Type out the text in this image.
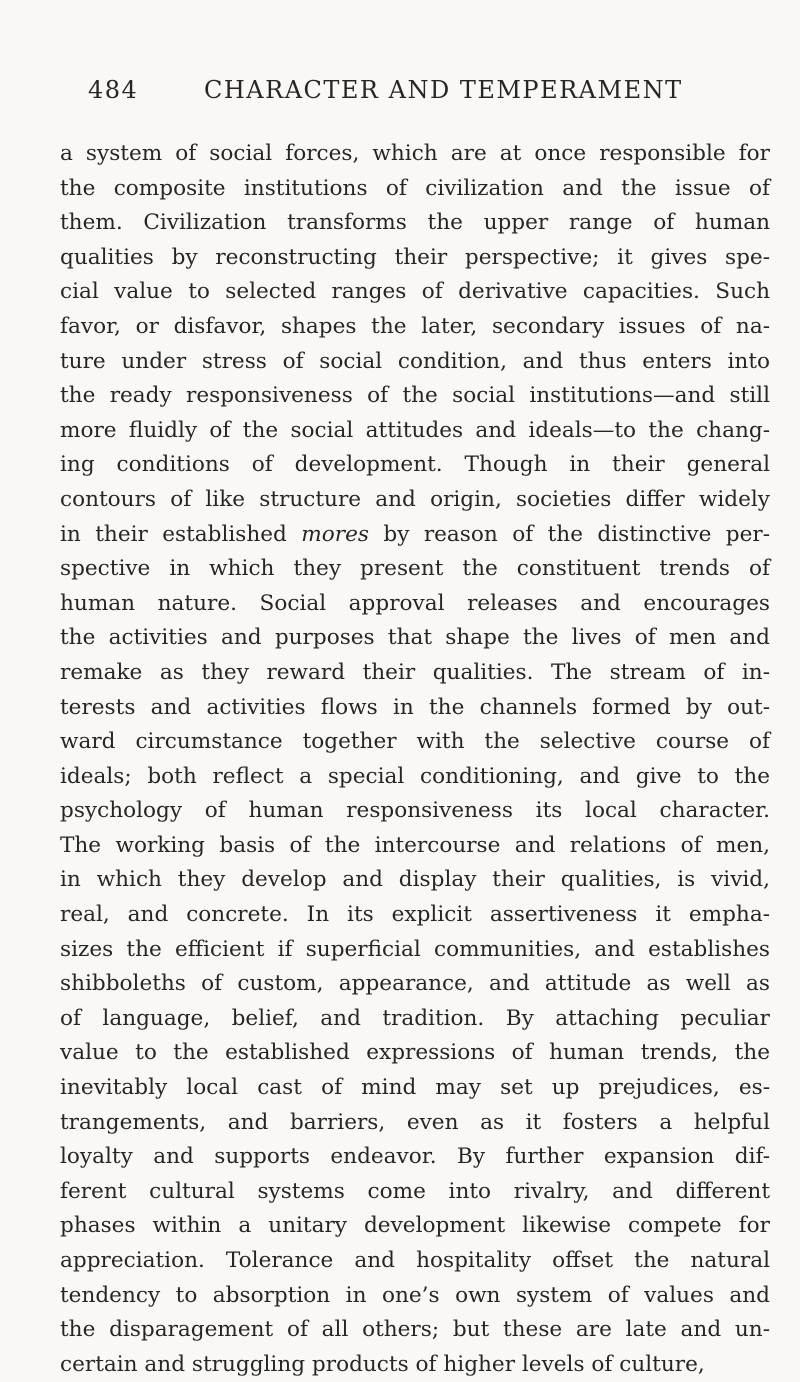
484	CHARACTER AND TEMPERAMENT

a system of social forces, which are at once responsible for
the composite institutions of civilization and the issue of
them. Civilization transforms the upper range of human
qualities by reconstructing their perspective; it gives spe-
cial value to selected ranges of derivative capacities. Such
favor, or disfavor, shapes the later, secondary issues of na-
ture under stress of social condition, and thus enters into
the ready responsiveness of the social institutions—and still
more fluidly of the social attitudes and ideals—to the chang-
ing conditions of development. Though in their general
contours of like structure and origin, societies differ widely
in their established mores by reason of the distinctive per-
spective in which they present the constituent trends of
human nature. Social approval releases and encourages
the activities and purposes that shape the lives of men and
remake as they reward their qualities. The stream of in-
terests and activities flows in the channels formed by out-
ward circumstance together with the selective course of
ideals; both reflect a special conditioning, and give to the
psychology of human responsiveness its local character.
The working basis of the intercourse and relations of men,
in which they develop and display their qualities, is vivid,
real, and concrete. In its explicit assertiveness it empha-
sizes the efficient if superficial communities, and establishes
shibboleths of custom, appearance, and attitude as well as
of language, belief, and tradition. By attaching peculiar
value to the established expressions of human trends, the
inevitably local cast of mind may set up prejudices, es-
trangements, and barriers, even as it fosters a helpful
loyalty and supports endeavor. By further expansion dif-
ferent cultural systems come into rivalry, and different
phases within a unitary development likewise compete for
appreciation. Tolerance and hospitality offset the natural
tendency to absorption in one’s own system of values and
the disparagement of all others; but these are late and un-
certain and struggling products of higher levels of culture,
